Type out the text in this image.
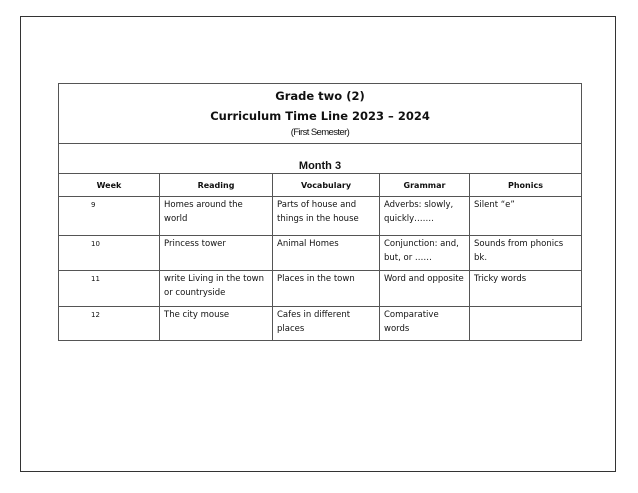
Grade two (2)
Curriculum Time Line 2023 – 2024
(First Semester)				

Month 3				
Week	Reading	Vocabulary	Grammar	Phonics
9	Homes around the world	Parts of house and things in the house	Adverbs: slowly, quickly…….	Silent “e”
10	Princess tower	Animal Homes	Conjunction: and, but, or ……	Sounds from phonics bk.
11	write Living in the town or countryside	Places in the town	Word and opposite	Tricky words
12	The city mouse	Cafes in different places	Comparative words	
